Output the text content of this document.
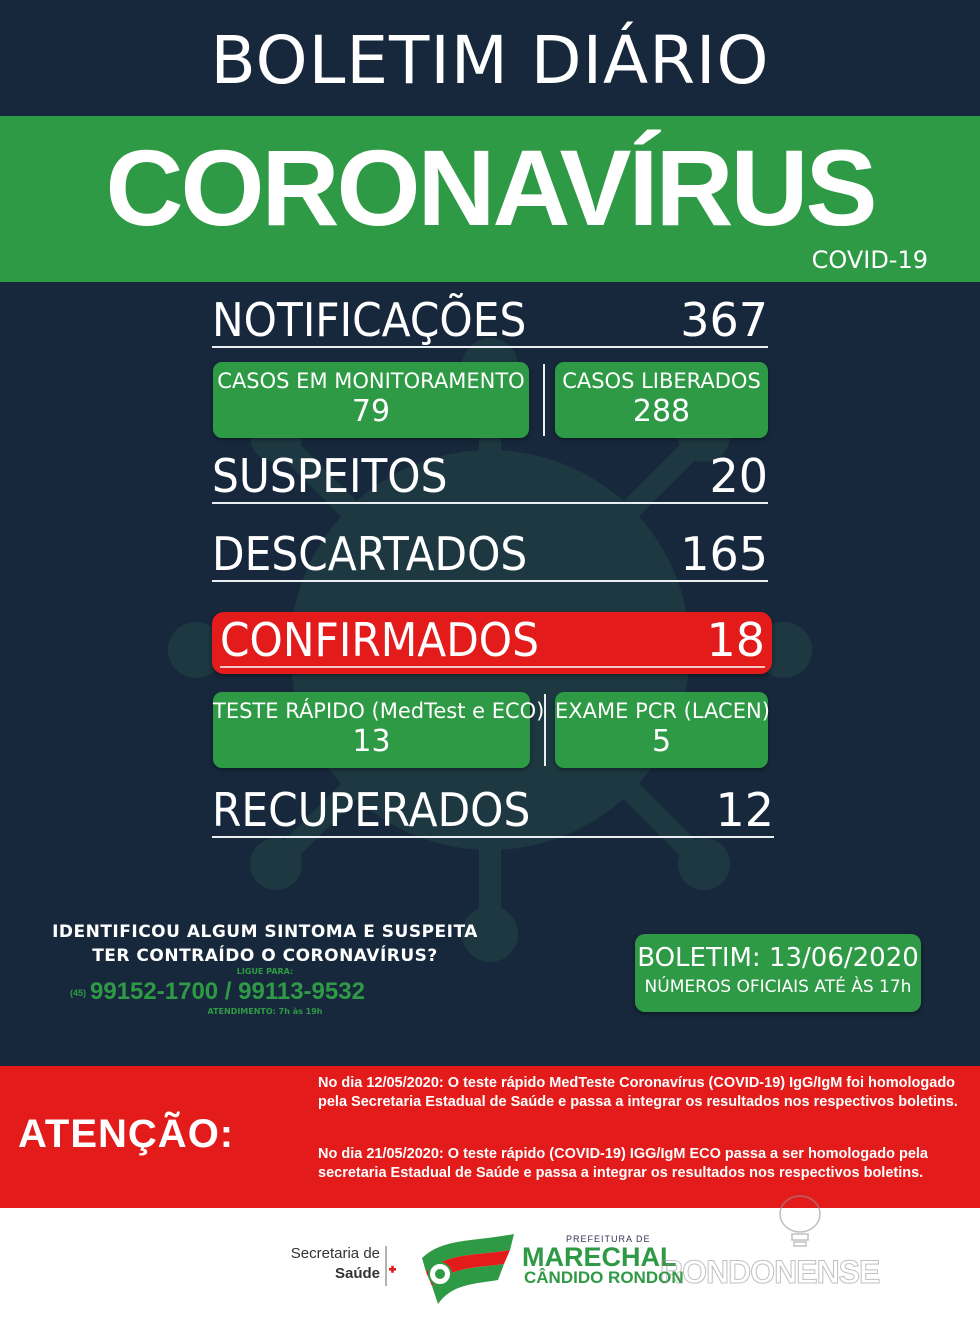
BOLETIM DIÁRIO
CORONAVÍRUS
COVID-19
NOTIFICAÇÕES	367
CASOS EM MONITORAMENTO
79
CASOS LIBERADOS
288
SUSPEITOS	20
DESCARTADOS	165
CONFIRMADOS	18
TESTE RÁPIDO (MedTest e ECO)
13
EXAME PCR (LACEN)
5
RECUPERADOS	12
IDENTIFICOU ALGUM SINTOMA E SUSPEITA
TER CONTRAÍDO O CORONAVÍRUS?
LIGUE PARA:
(45) 99152-1700 / 99113-9532
ATENDIMENTO: 7h às 19h
BOLETIM: 13/06/2020
NÚMEROS OFICIAIS ATÉ ÀS 17h
ATENÇÃO:
No dia 12/05/2020: O teste rápido MedTeste Coronavírus (COVID-19) IgG/IgM foi homologado pela Secretaria Estadual de Saúde e passa a integrar os resultados nos respectivos boletins.
No dia 21/05/2020: O teste rápido (COVID-19) IGG/IgM ECO passa a ser homologado pela secretaria Estadual de Saúde e passa a integrar os resultados nos respectivos boletins.
Secretaria de
Saúde
PREFEITURA DE
MARECHAL
CÂNDIDO RONDON
RONDONENSE
